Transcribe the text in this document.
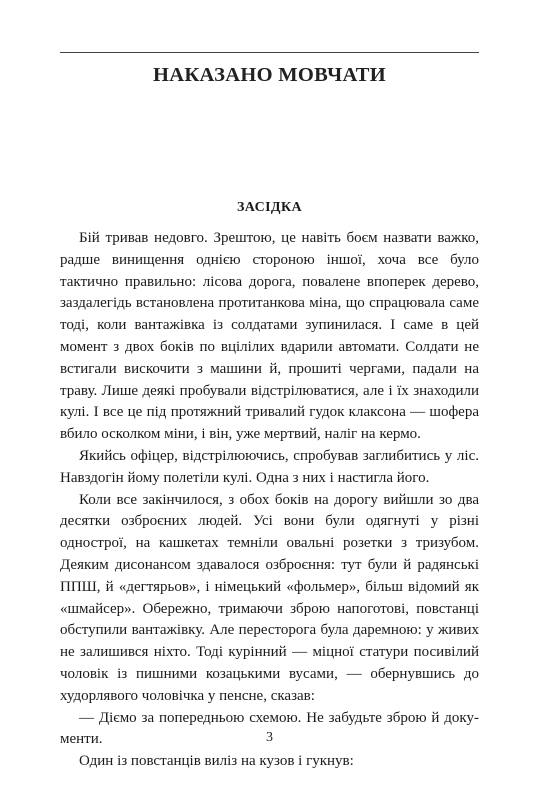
НАКАЗАНО МОВЧАТИ
ЗАСІДКА

Бій тривав недовго. Зрештою, це навіть боєм назвати важко, радше винищення однією стороною іншої, хоча все було тактично правильно: лісова дорога, повалене впоперек дерево, заздалегідь встановлена протитанкова міна, що спрацювала саме тоді, коли вантажівка із солдатами зупинилася. І саме в цей момент з двох боків по вцілілих вдарили автомати. Солдати не встигали вискочити з машини й, прошиті чергами, падали на траву. Лише деякі пробували відстрілюватися, але і їх знаходили кулі. І все це під протяжний тривалий гудок клаксона — шофера вбило осколком міни, і він, уже мертвий, наліг на кермо.

Якийсь офіцер, відстрілюючись, спробував заглибитись у ліс. Навздогін йому полетіли кулі. Одна з них і настигла його.

Коли все закінчилося, з обох боків на дорогу вийшли зо два десятки озброєних людей. Усі вони були одягнуті у різні однострої, на кашкетах темніли овальні розетки з тризубом. Деяким дисонансом здавалося озброєння: тут були й радянські ППШ, й «дегтярьов», і німецький «фольмер», більш відомий як «шмайсер». Обережно, тримаючи зброю напоготові, повстанці обступили вантажівку. Але пересторога була даремною: у живих не залишився ніхто. Тоді курінний — міцної статури посивілий чоловік із пишними козацькими вусами, — обернувшись до худорлявого чоловічка у пенсне, сказав:

— Діємо за попередньою схемою. Не забудьте зброю й документи.

Один із повстанців виліз на кузов і гукнув:

3
